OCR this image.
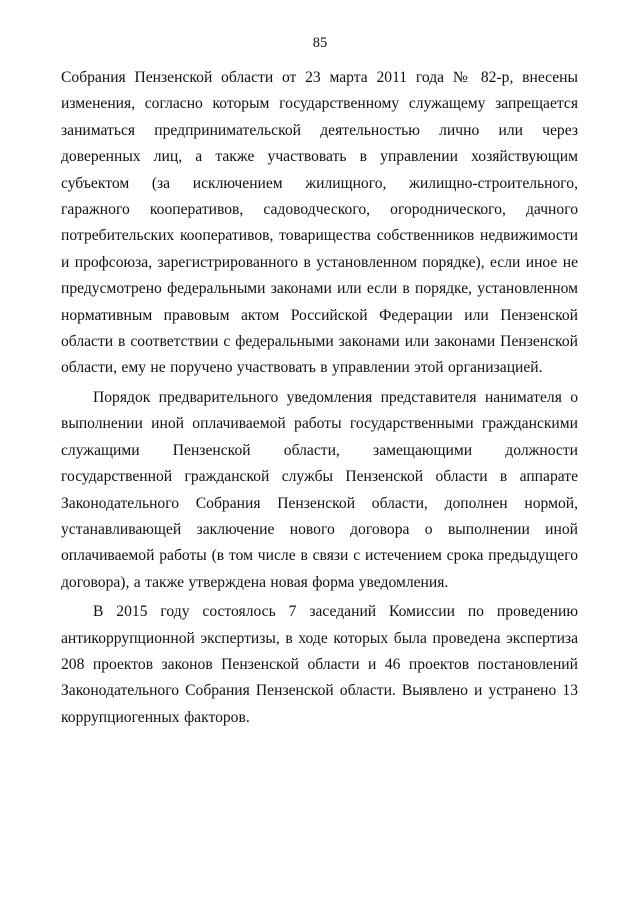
85

Собрания Пензенской области от 23 марта 2011 года № 82-р, внесены изменения, согласно которым государственному служащему запрещается заниматься предпринимательской деятельностью лично или через доверенных лиц, а также участвовать в управлении хозяйствующим субъектом (за исключением жилищного, жилищно-строительного, гаражного кооперативов, садоводческого, огороднического, дачного потребительских кооперативов, товарищества собственников недвижимости и профсоюза, зарегистрированного в установленном порядке), если иное не предусмотрено федеральными законами или если в порядке, установленном нормативным правовым актом Российской Федерации или Пензенской области в соответствии с федеральными законами или законами Пензенской области, ему не поручено участвовать в управлении этой организацией.

Порядок предварительного уведомления представителя нанимателя о выполнении иной оплачиваемой работы государственными гражданскими служащими Пензенской области, замещающими должности государственной гражданской службы Пензенской области в аппарате Законодательного Собрания Пензенской области, дополнен нормой, устанавливающей заключение нового договора о выполнении иной оплачиваемой работы (в том числе в связи с истечением срока предыдущего договора), а также утверждена новая форма уведомления.

В 2015 году состоялось 7 заседаний Комиссии по проведению антикоррупционной экспертизы, в ходе которых была проведена экспертиза 208 проектов законов Пензенской области и 46 проектов постановлений Законодательного Собрания Пензенской области. Выявлено и устранено 13 коррупциогенных факторов.
